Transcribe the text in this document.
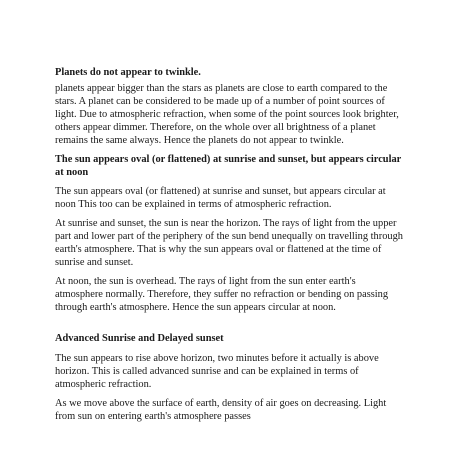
Planets do not appear to twinkle.

planets appear bigger than the stars as planets are close to earth compared to the stars. A planet can be considered to be made up of a number of point sources of light. Due to atmospheric refraction, when some of the point sources look brighter, others appear dimmer. Therefore, on the whole over all brightness of a planet remains the same always. Hence the planets do not appear to twinkle.

The sun appears oval (or flattened) at sunrise and sunset, but appears circular at noon

The sun appears oval (or flattened) at sunrise and sunset, but appears circular at noon This too can be explained in terms of atmospheric refraction.

At sunrise and sunset, the sun is near the horizon. The rays of light from the upper part and lower part of the periphery of the sun bend unequally on travelling through earth's atmosphere. That is why the sun appears oval or flattened at the time of sunrise and sunset.

At noon, the sun is overhead. The rays of light from the sun enter earth's atmosphere normally. Therefore, they suffer no refraction or bending on passing through earth's atmosphere. Hence the sun appears circular at noon.

Advanced Sunrise and Delayed sunset

The sun appears to rise above horizon, two minutes before it actually is above horizon. This is called advanced sunrise and can be explained in terms of atmospheric refraction.

As we move above the surface of earth, density of air goes on decreasing. Light from sun on entering earth's atmosphere passes
